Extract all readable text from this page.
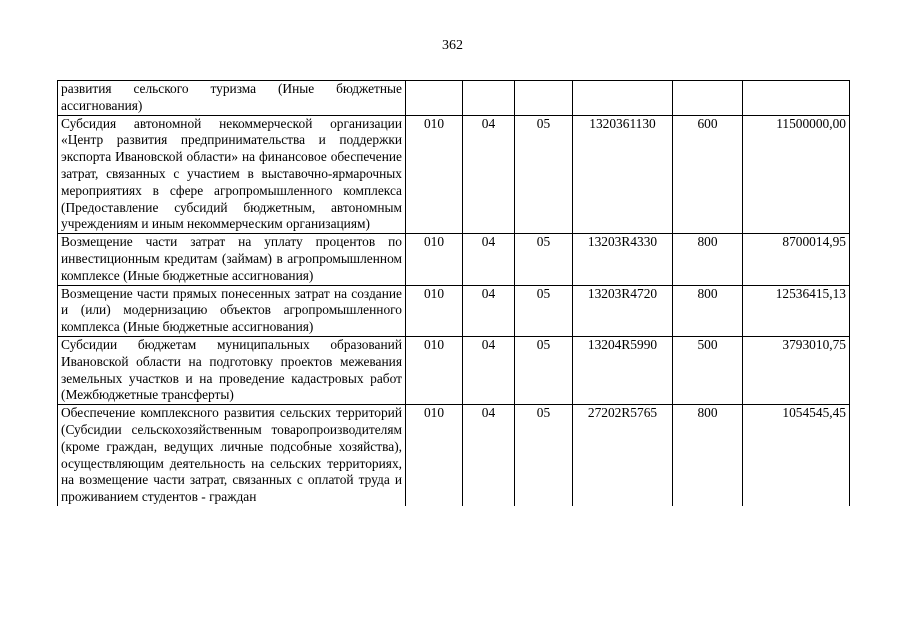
362
развития сельского туризма (Иные бюджетные ассигнования)						
Субсидия автономной некоммерческой организации «Центр развития предпринимательства и поддержки экспорта Ивановской области» на финансовое обеспечение затрат, связанных с участием в выставочно-ярмарочных мероприятиях в сфере агропромышленного комплекса (Предоставление субсидий бюджетным, автономным учреждениям и иным некоммерческим организациям)	010	04	05	1320361130	600	11500000,00
Возмещение части затрат на уплату процентов по инвестиционным кредитам (займам) в агропромышленном комплексе (Иные бюджетные ассигнования)	010	04	05	13203R4330	800	8700014,95
Возмещение части прямых понесенных затрат на создание и (или) модернизацию объектов агропромышленного комплекса (Иные бюджетные ассигнования)	010	04	05	13203R4720	800	12536415,13
Субсидии бюджетам муниципальных образований Ивановской области на подготовку проектов межевания земельных участков и на проведение кадастровых работ (Межбюджетные трансферты)	010	04	05	13204R5990	500	3793010,75
Обеспечение комплексного развития сельских территорий (Субсидии сельскохозяйственным товаропроизводителям (кроме граждан, ведущих личные подсобные хозяйства), осуществляющим деятельность на сельских территориях, на возмещение части затрат, связанных с оплатой труда и проживанием студентов - граждан	010	04	05	27202R5765	800	1054545,45
